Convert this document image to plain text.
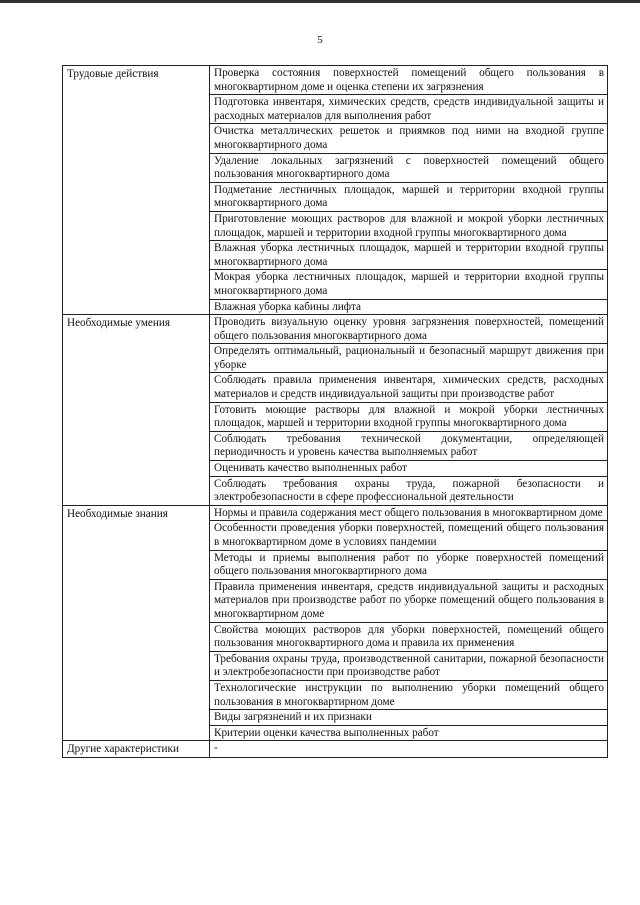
5
Трудовые действия	Проверка состояния поверхностей помещений общего пользования в многоквартирном доме и оценка степени их загрязнения

	Подготовка инвентаря, химических средств, средств индивидуальной защиты и расходных материалов для выполнения работ

	Очистка металлических решеток и приямков под ними на входной группе многоквартирного дома

	Удаление локальных загрязнений с поверхностей помещений общего пользования многоквартирного дома

	Подметание лестничных площадок, маршей и территории входной группы многоквартирного дома

	Приготовление моющих растворов для влажной и мокрой уборки лестничных площадок, маршей и территории входной группы многоквартирного дома

	Влажная уборка лестничных площадок, маршей и территории входной группы многоквартирного дома

	Мокрая уборка лестничных площадок, маршей и территории входной группы многоквартирного дома

	Влажная уборка кабины лифта

Необходимые умения	Проводить визуальную оценку уровня загрязнения поверхностей, помещений общего пользования многоквартирного дома

	Определять оптимальный, рациональный и безопасный маршрут движения при уборке

	Соблюдать правила применения инвентаря, химических средств, расходных материалов и средств индивидуальной защиты при производстве работ

	Готовить моющие растворы для влажной и мокрой уборки лестничных площадок, маршей и территории входной группы многоквартирного дома

	Соблюдать требования технической документации, определяющей периодичность и уровень качества выполняемых работ

	Оценивать качество выполненных работ

	Соблюдать требования охраны труда, пожарной безопасности и электробезопасности в сфере профессиональной деятельности

Необходимые знания	Нормы и правила содержания мест общего пользования в многоквартирном доме

	Особенности проведения уборки поверхностей, помещений общего пользования в многоквартирном доме в условиях пандемии

	Методы и приемы выполнения работ по уборке поверхностей помещений общего пользования многоквартирного дома

	Правила применения инвентаря, средств индивидуальной защиты и расходных материалов при производстве работ по уборке помещений общего пользования в многоквартирном доме

	Свойства моющих растворов для уборки поверхностей, помещений общего пользования многоквартирного дома и правила их применения

	Требования охраны труда, производственной санитарии, пожарной безопасности и электробезопасности при производстве работ

	Технологические инструкции по выполнению уборки помещений общего пользования в многоквартирном доме

	Виды загрязнений и их признаки

	Критерии оценки качества выполненных работ

Другие характеристики	-
